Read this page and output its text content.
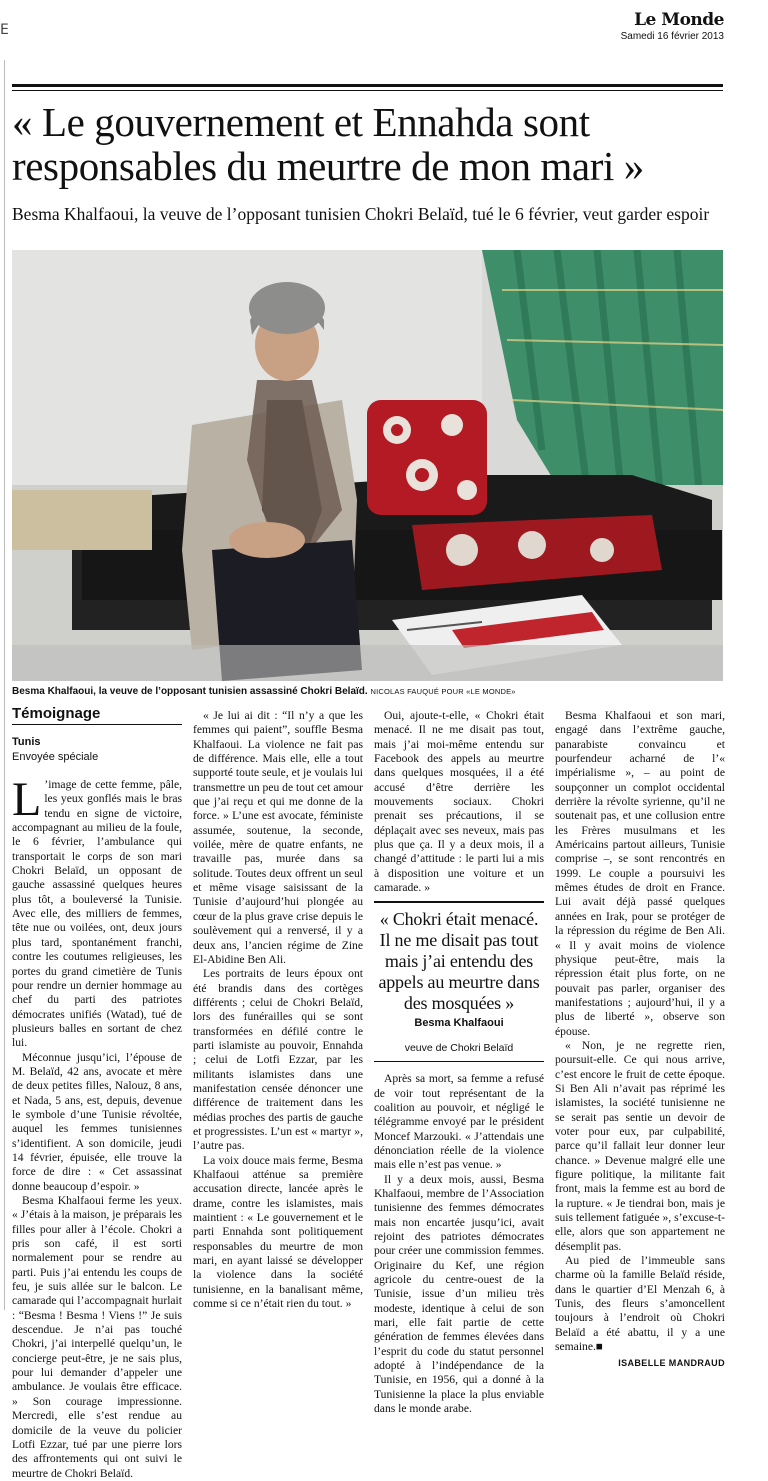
E	Le Monde
Samedi 16 février 2013
« Le gouvernement et Ennahda sont responsables du meurtre de mon mari »
Besma Khalfaoui, la veuve de l’opposant tunisien Chokri Belaïd, tué le 6 février, veut garder espoir
Besma Khalfaoui, la veuve de l’opposant tunisien assassiné Chokri Belaïd. NICOLAS FAUQUÉ POUR «LE MONDE»
Témoignage
Tunis
Envoyée spéciale

L ’image de cette femme, pâle, les yeux gonflés mais le bras tendu en signe de victoire, accompagnant au milieu de la foule, le 6 février, l’ambulance qui transportait le corps de son mari Chokri Belaïd, un opposant de gauche assassiné quelques heures plus tôt, a bouleversé la Tunisie. Avec elle, des milliers de femmes, tête nue ou voilées, ont, deux jours plus tard, spontanément franchi, contre les coutumes religieuses, les portes du grand cimetière de Tunis pour rendre un dernier hommage au chef du parti des patriotes démocrates unifiés (Watad), tué de plusieurs balles en sortant de chez lui.

Méconnue jusqu’ici, l’épouse de M. Belaïd, 42 ans, avocate et mère de deux petites filles, Nalouz, 8 ans, et Nada, 5 ans, est, depuis, devenue le symbole d’une Tunisie révoltée, auquel les femmes tunisiennes s’identifient. A son domicile, jeudi 14 février, épuisée, elle trouve la force de dire : « Cet assassinat donne beaucoup d’espoir. »

Besma Khalfaoui ferme les yeux. « J’étais à la maison, je préparais les filles pour aller à l’école. Chokri a pris son café, il est sorti normalement pour se rendre au parti. Puis j’ai entendu les coups de feu, je suis allée sur le balcon. Le camarade qui l’accompagnait hurlait : “Besma ! Besma ! Viens !” Je suis descendue. Je n’ai pas touché Chokri, j’ai interpellé quelqu’un, le concierge peut-être, je ne sais plus, pour lui demander d’appeler une ambulance. Je voulais être efficace. » Son courage impressionne. Mercredi, elle s’est rendue au domicile de la veuve du policier Lotfi Ezzar, tué par une pierre lors des affrontements qui ont suivi le meurtre de Chokri Belaïd.

« Je lui ai dit : “Il n’y a que les femmes qui paient”, souffle Besma Khalfaoui. La violence ne fait pas de différence. Mais elle, elle a tout supporté toute seule, et je voulais lui transmettre un peu de tout cet amour que j’ai reçu et qui me donne de la force. » L’une est avocate, féministe assumée, soutenue, la seconde, voilée, mère de quatre enfants, ne travaille pas, murée dans sa solitude. Toutes deux offrent un seul et même visage saisissant de la Tunisie d’aujourd’hui plongée au cœur de la plus grave crise depuis le soulèvement qui a renversé, il y a deux ans, l’ancien régime de Zine El-Abidine Ben Ali.

Les portraits de leurs époux ont été brandis dans des cortèges différents ; celui de Chokri Belaïd, lors des funérailles qui se sont transformées en défilé contre le parti islamiste au pouvoir, Ennahda ; celui de Lotfi Ezzar, par les militants islamistes dans une manifestation censée dénoncer une différence de traitement dans les médias proches des partis de gauche et progressistes. L’un est « martyr », l’autre pas.

La voix douce mais ferme, Besma Khalfaoui atténue sa première accusation directe, lancée après le drame, contre les islamistes, mais maintient : « Le gouvernement et le parti Ennahda sont politiquement responsables du meurtre de mon mari, en ayant laissé se développer la violence dans la société tunisienne, en la banalisant même, comme si ce n’était rien du tout. »

Oui, ajoute-t-elle, « Chokri était menacé. Il ne me disait pas tout, mais j’ai moi-même entendu sur Facebook des appels au meurtre dans quelques mosquées, il a été accusé d’être derrière les mouvements sociaux. Chokri prenait ses précautions, il se déplaçait avec ses neveux, mais pas plus que ça. Il y a deux mois, il a changé d’attitude : le parti lui a mis à disposition une voiture et un camarade. »

« Chokri était menacé. Il ne me disait pas tout mais j’ai entendu des appels au meurtre dans des mosquées »
Besma Khalfaoui
veuve de Chokri Belaïd

Après sa mort, sa femme a refusé de voir tout représentant de la coalition au pouvoir, et négligé le télégramme envoyé par le président Moncef Marzouki. « J’attendais une dénonciation réelle de la violence mais elle n’est pas venue. »

Il y a deux mois, aussi, Besma Khalfaoui, membre de l’Association tunisienne des femmes démocrates mais non encartée jusqu’ici, avait rejoint des patriotes démocrates pour créer une commission femmes. Originaire du Kef, une région agricole du centre-ouest de la Tunisie, issue d’un milieu très modeste, identique à celui de son mari, elle fait partie de cette génération de femmes élevées dans l’esprit du code du statut personnel adopté à l’indépendance de la Tunisie, en 1956, qui a donné à la Tunisienne la place la plus enviable dans le monde arabe.

Besma Khalfaoui et son mari, engagé dans l’extrême gauche, panarabiste convaincu et pourfendeur acharné de l’« impérialisme », – au point de soupçonner un complot occidental derrière la révolte syrienne, qu’il ne soutenait pas, et une collusion entre les Frères musulmans et les Américains partout ailleurs, Tunisie comprise –, se sont rencontrés en 1999. Le couple a poursuivi les mêmes études de droit en France. Lui avait déjà passé quelques années en Irak, pour se protéger de la répression du régime de Ben Ali. « Il y avait moins de violence physique peut-être, mais la répression était plus forte, on ne pouvait pas parler, organiser des manifestations ; aujourd’hui, il y a plus de liberté », observe son épouse.

« Non, je ne regrette rien, poursuit-elle. Ce qui nous arrive, c’est encore le fruit de cette époque. Si Ben Ali n’avait pas réprimé les islamistes, la société tunisienne ne se serait pas sentie un devoir de voter pour eux, par culpabilité, parce qu’il fallait leur donner leur chance. » Devenue malgré elle une figure politique, la militante fait front, mais la femme est au bord de la rupture. « Je tiendrai bon, mais je suis tellement fatiguée », s’excuse-t-elle, alors que son appartement ne désemplit pas.

Au pied de l’immeuble sans charme où la famille Belaïd réside, dans le quartier d’El Menzah 6, à Tunis, des fleurs s’amoncellent toujours à l’endroit où Chokri Belaïd a été abattu, il y a une semaine.■

ISABELLE MANDRAUD
